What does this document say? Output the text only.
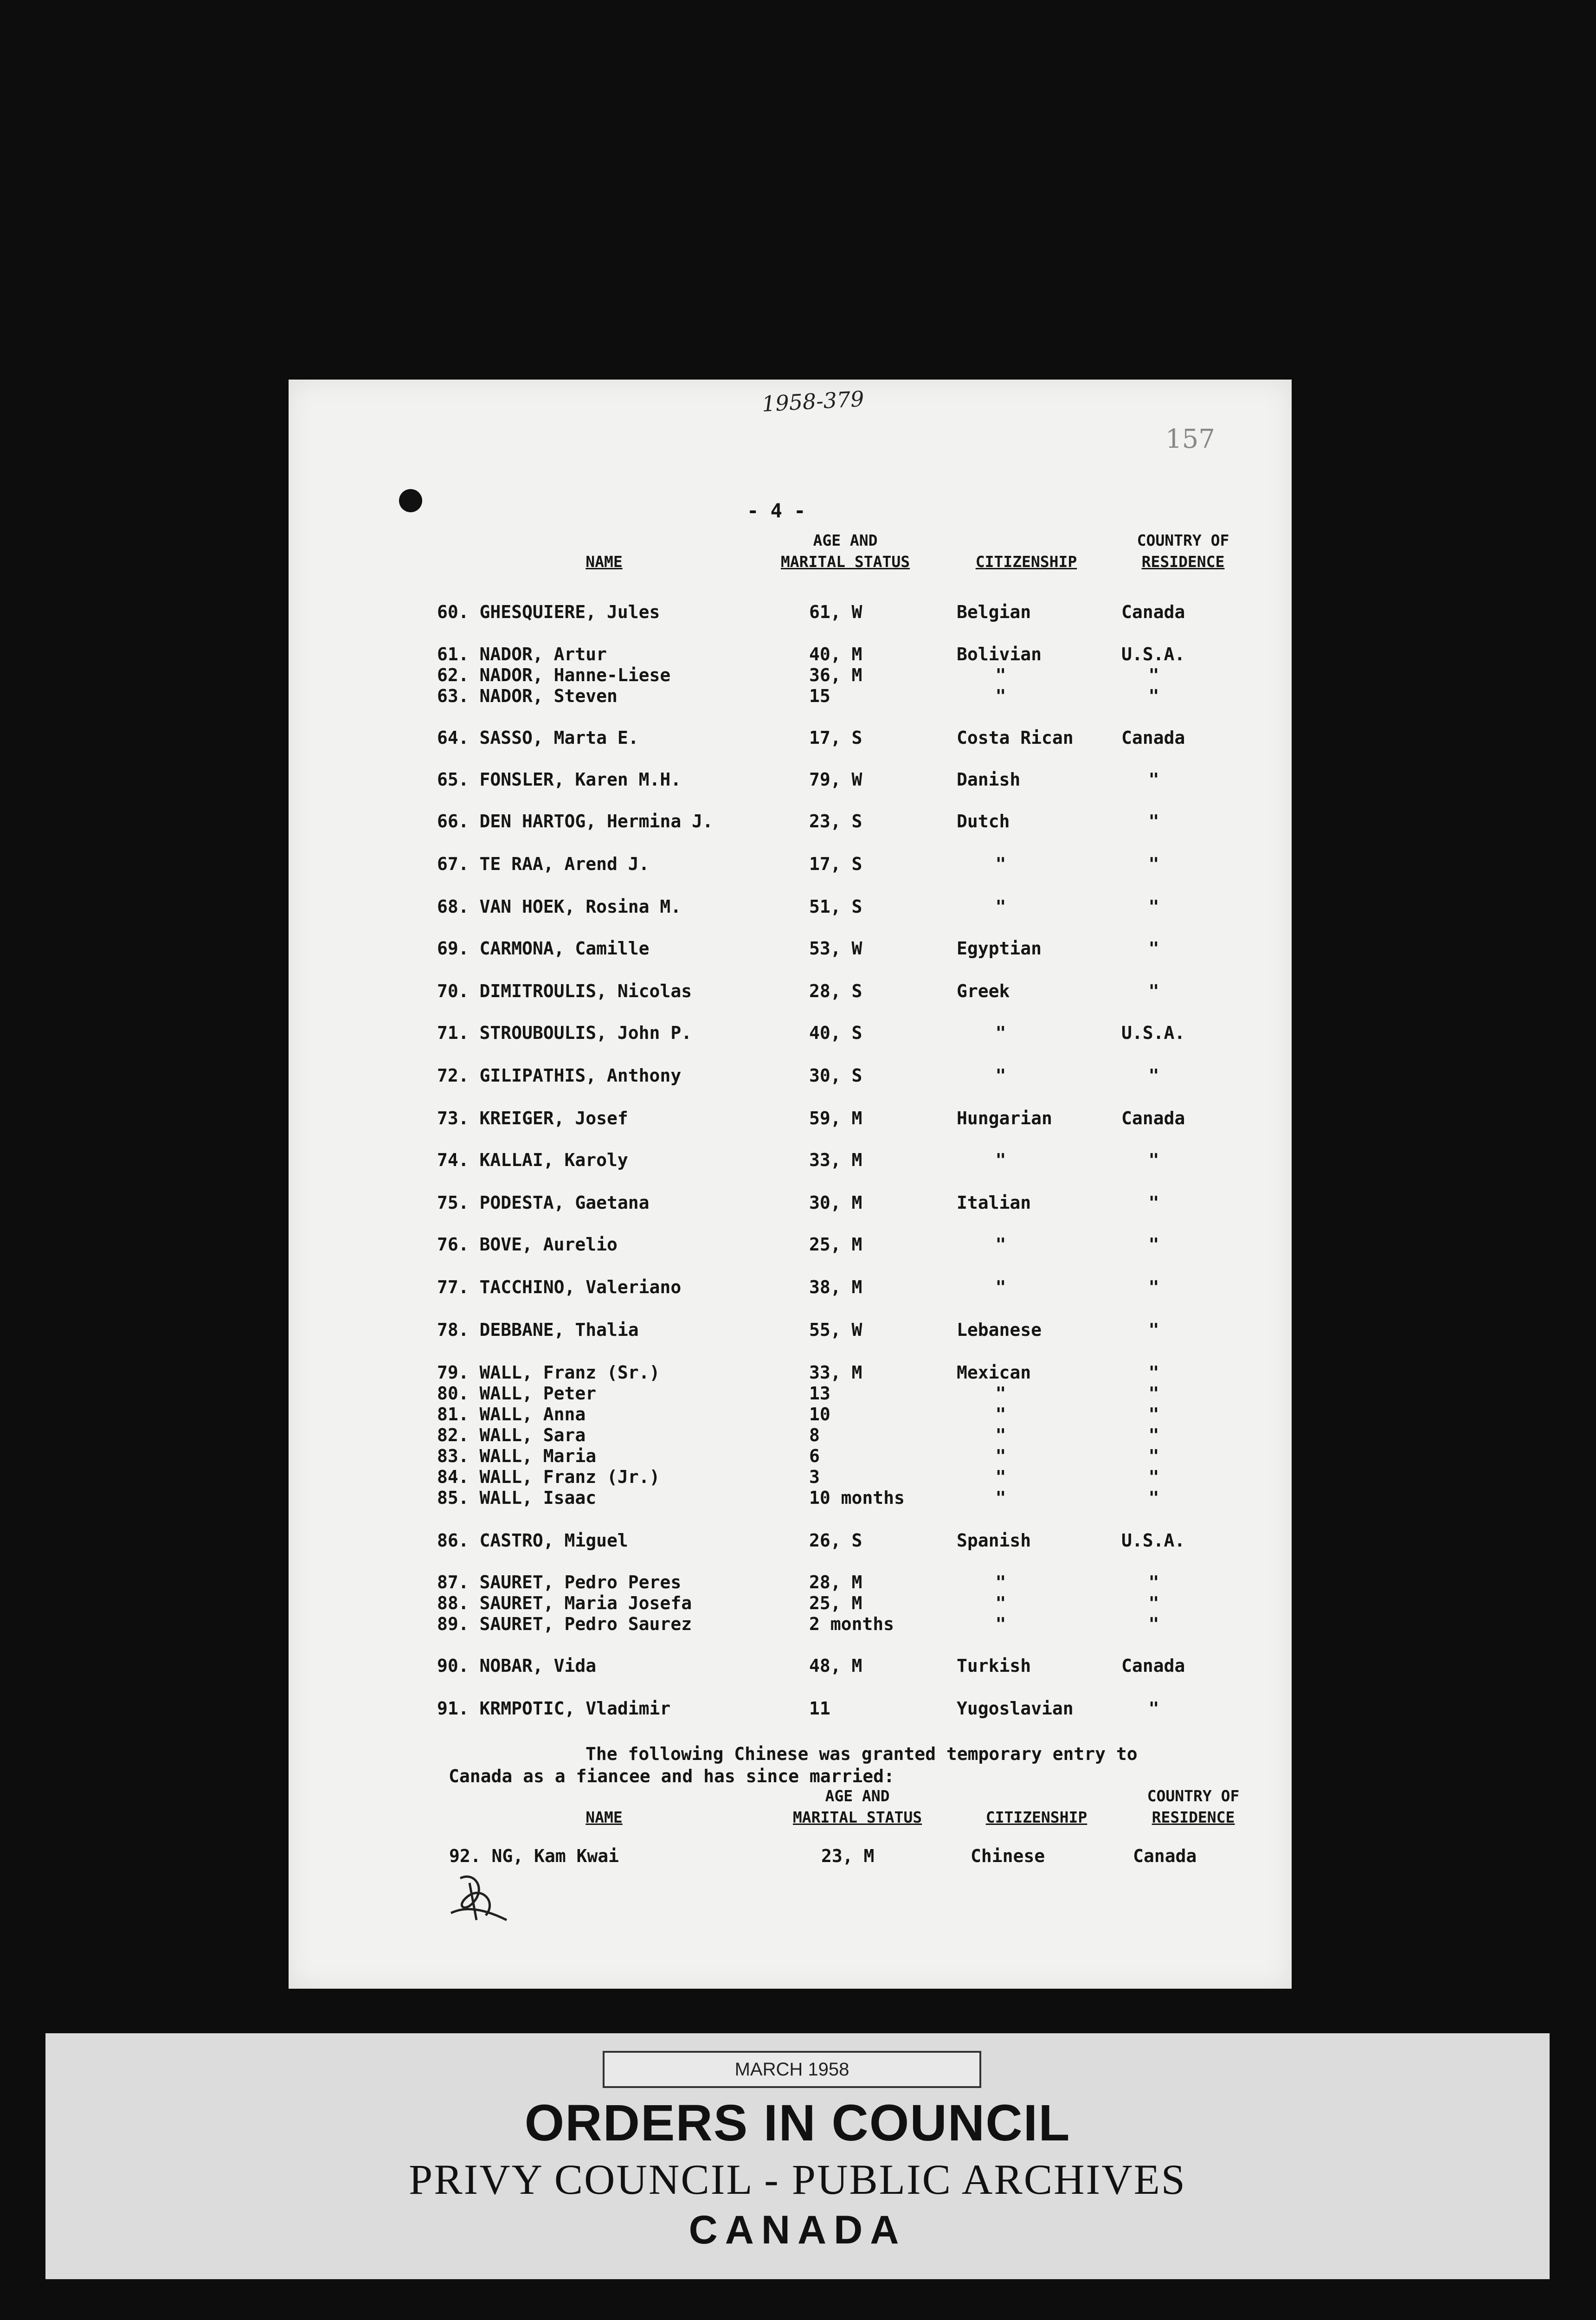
1958-379
157
- 4 -
NAME
AGE AND
MARITAL STATUS	CITIZENSHIP
COUNTRY OF
RESIDENCE
60. GHESQUIERE, Jules	61, W	Belgian	Canada
61. NADOR, Artur	40, M	Bolivian	U.S.A.
62. NADOR, Hanne-Liese	36, M	"	"
63. NADOR, Steven	15	"	"
64. SASSO, Marta E.	17, S	Costa Rican	Canada
65. FONSLER, Karen M.H.	79, W	Danish	"
66. DEN HARTOG, Hermina J.	23, S	Dutch	"
67. TE RAA, Arend J.	17, S	"	"
68. VAN HOEK, Rosina M.	51, S	"	"
69. CARMONA, Camille	53, W	Egyptian	"
70. DIMITROULIS, Nicolas	28, S	Greek	"
71. STROUBOULIS, John P.	40, S	"	U.S.A.
72. GILIPATHIS, Anthony	30, S	"	"
73. KREIGER, Josef	59, M	Hungarian	Canada
74. KALLAI, Karoly	33, M	"	"
75. PODESTA, Gaetana	30, M	Italian	"
76. BOVE, Aurelio	25, M	"	"
77. TACCHINO, Valeriano	38, M	"	"
78. DEBBANE, Thalia	55, W	Lebanese	"
79. WALL, Franz (Sr.)	33, M	Mexican	"
80. WALL, Peter	13	"	"
81. WALL, Anna	10	"	"
82. WALL, Sara	8	"	"
83. WALL, Maria	6	"	"
84. WALL, Franz (Jr.)	3	"	"
85. WALL, Isaac	10 months	"	"
86. CASTRO, Miguel	26, S	Spanish	U.S.A.
87. SAURET, Pedro Peres	28, M	"	"
88. SAURET, Maria Josefa	25, M	"	"
89. SAURET, Pedro Saurez	2 months	"	"
90. NOBAR, Vida	48, M	Turkish	Canada
91. KRMPOTIC, Vladimir	11	Yugoslavian	"
The following Chinese was granted temporary entry to
Canada as a fiancee and has since married:
NAME
AGE AND
MARITAL STATUS	CITIZENSHIP
COUNTRY OF
RESIDENCE
92. NG, Kam Kwai	23, M	Chinese	Canada
MARCH 1958
ORDERS IN COUNCIL
PRIVY COUNCIL - PUBLIC ARCHIVES
CANADA
